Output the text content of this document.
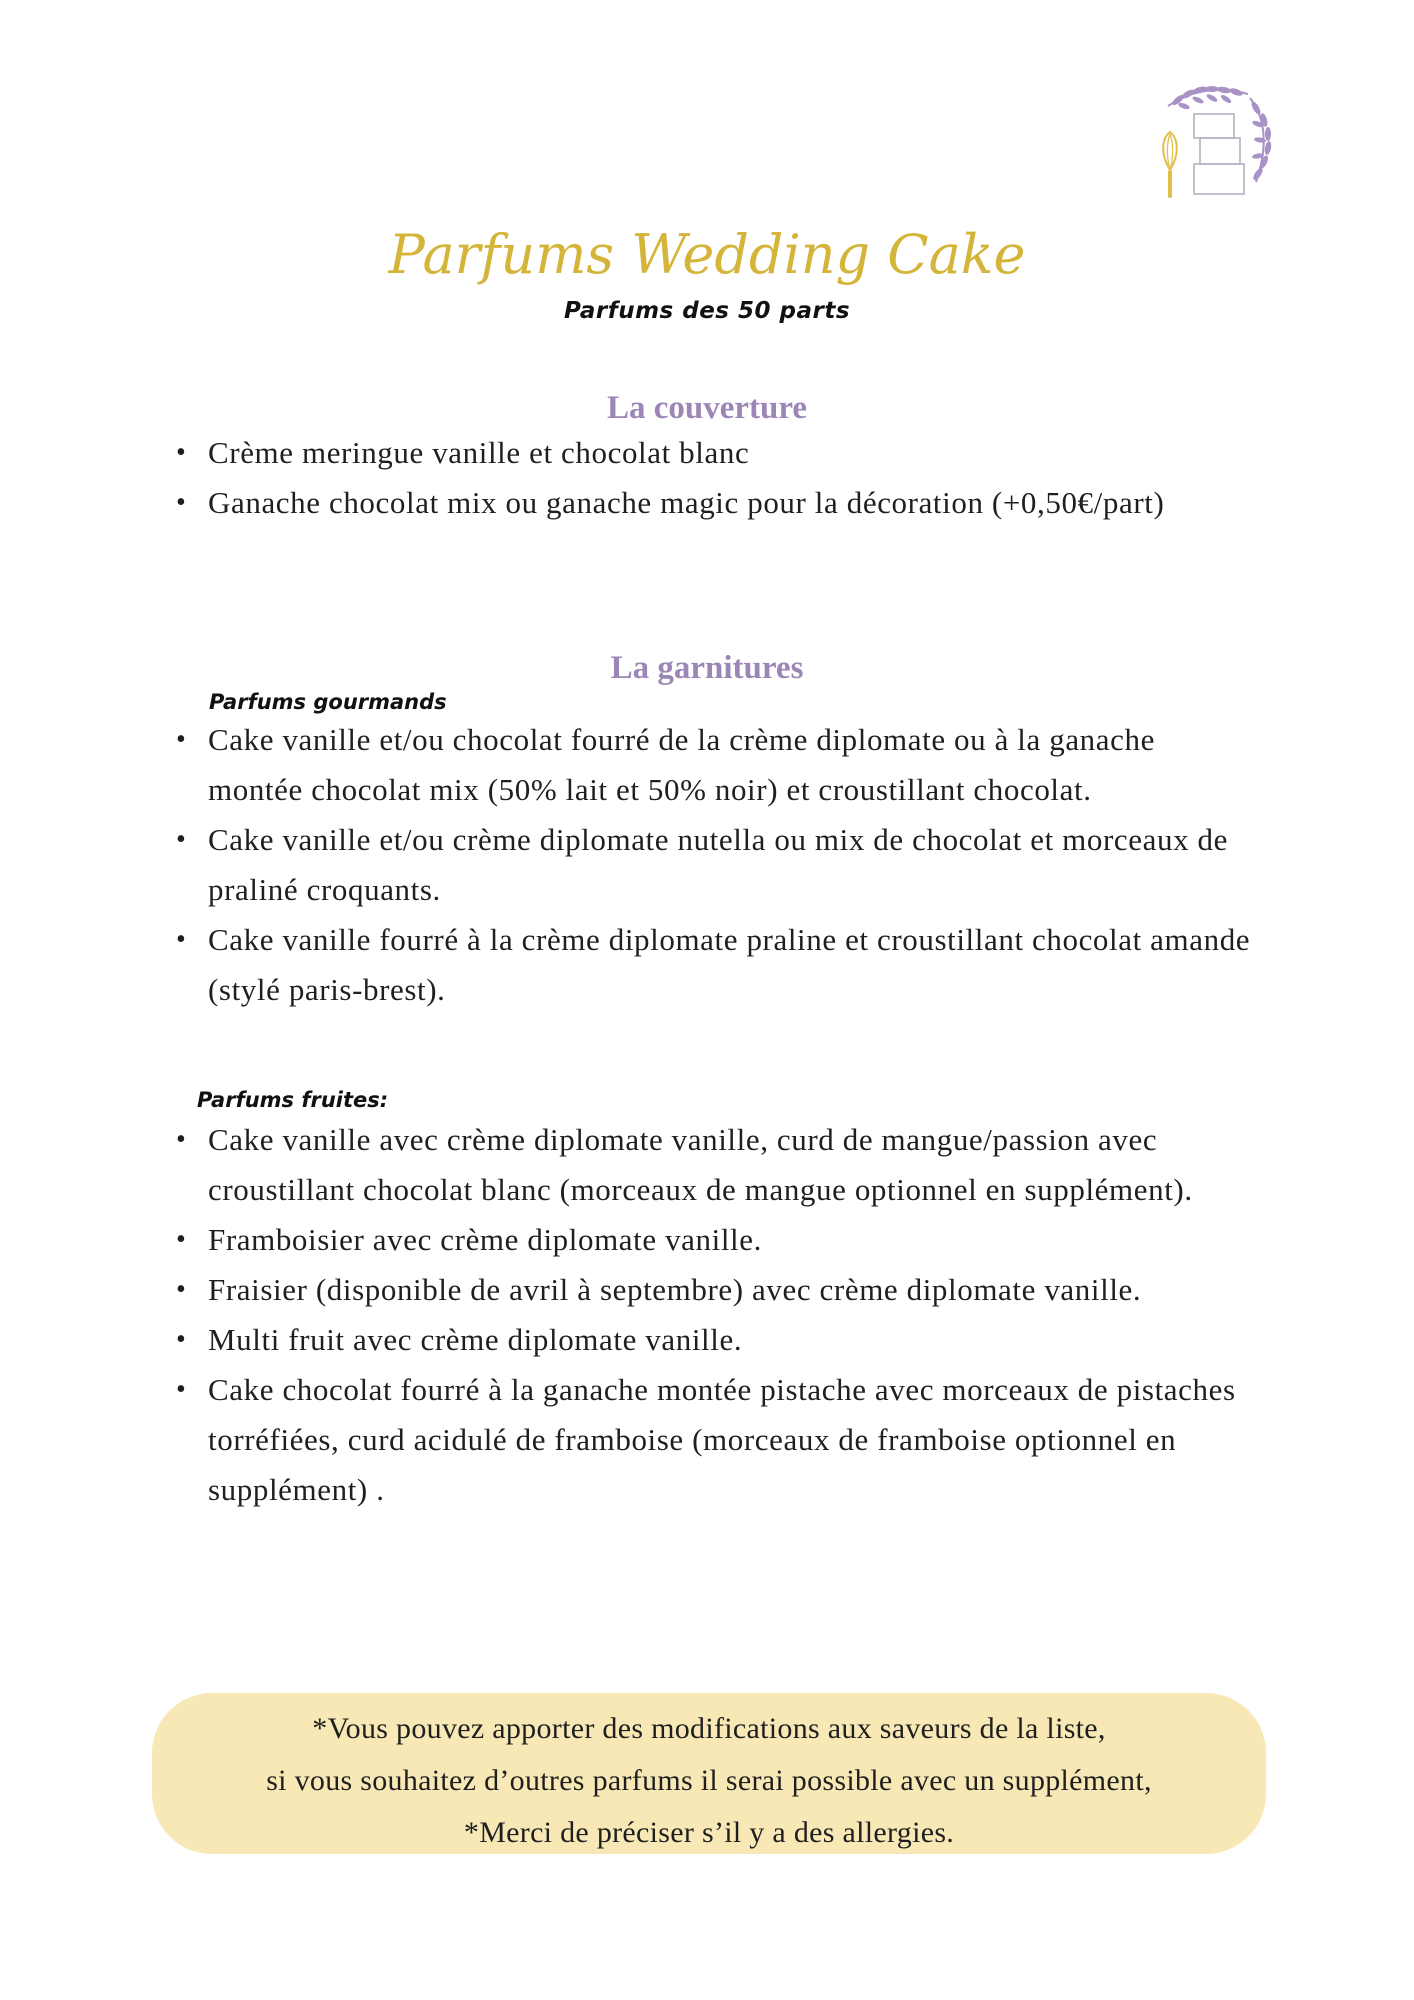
Parfums Wedding Cake
Parfums des 50 parts
La couverture
• Crème meringue vanille et chocolat blanc
• Ganache chocolat mix ou ganache magic pour la décoration (+0,50€/part)
La garnitures
Parfums gourmands
• Cake vanille et/ou chocolat fourré de la crème diplomate ou à la ganache montée chocolat mix (50% lait et 50% noir) et croustillant chocolat.
• Cake vanille et/ou crème diplomate nutella ou mix de chocolat et morceaux de praliné croquants.
• Cake vanille fourré à la crème diplomate praline et croustillant chocolat amande (stylé paris-brest).
Parfums fruites:
• Cake vanille avec crème diplomate vanille, curd de mangue/passion avec croustillant chocolat blanc (morceaux de mangue optionnel en supplément).
• Framboisier avec crème diplomate vanille.
• Fraisier (disponible de avril à septembre) avec crème diplomate vanille.
• Multi fruit avec crème diplomate vanille.
• Cake chocolat fourré à la ganache montée pistache avec morceaux de pistaches torréfiées, curd acidulé de framboise (morceaux de framboise optionnel en supplément) .
*Vous pouvez apporter des modifications aux saveurs de la liste,
si vous souhaitez d’outres parfums il serai possible avec un supplément,
*Merci de préciser s’il y a des allergies.
